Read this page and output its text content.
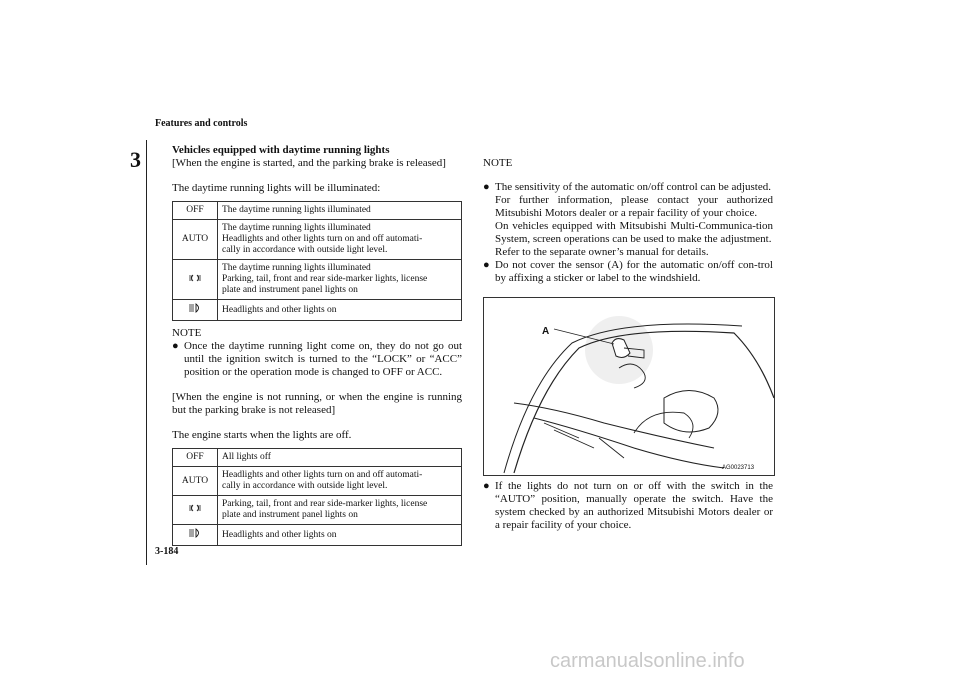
Features and controls
3
3-184

Vehicles equipped with daytime running lights

[When the engine is started, and the parking brake is released]

The daytime running lights will be illuminated:

OFF	The daytime running lights illuminated
AUTO	The daytime running lights illuminated
Headlights and other lights turn on and off automati-
cally in accordance with outside light level.
	The daytime running lights illuminated
Parking, tail, front and rear side-marker lights, license
plate and instrument panel lights on
	Headlights and other lights on

NOTE

● Once the daytime running light come on, they do not go out until the ignition switch is turned to the “LOCK” or “ACC” position or the operation mode is changed to OFF or ACC.

[When the engine is not running, or when the engine is running but the parking brake is not released]

The engine starts when the lights are off.

OFF	All lights off
AUTO	Headlights and other lights turn on and off automati-
cally in accordance with outside light level.
	Parking, tail, front and rear side-marker lights, license
plate and instrument panel lights on
	Headlights and other lights on

NOTE

● The sensitivity of the automatic on/off control can be adjusted.
For further information, please contact your authorized Mitsubishi Motors dealer or a repair facility of your choice.
On vehicles equipped with Mitsubishi Multi-Communica-tion System, screen operations can be used to make the adjustment.
Refer to the separate owner’s manual for details.
● Do not cover the sensor (A) for the automatic on/off con-trol by affixing a sticker or label to the windshield.
A
AG0023713
● If the lights do not turn on or off with the switch in the “AUTO” position, manually operate the switch. Have the system checked by an authorized Mitsubishi Motors dealer or a repair facility of your choice.
carmanualsonline.info
